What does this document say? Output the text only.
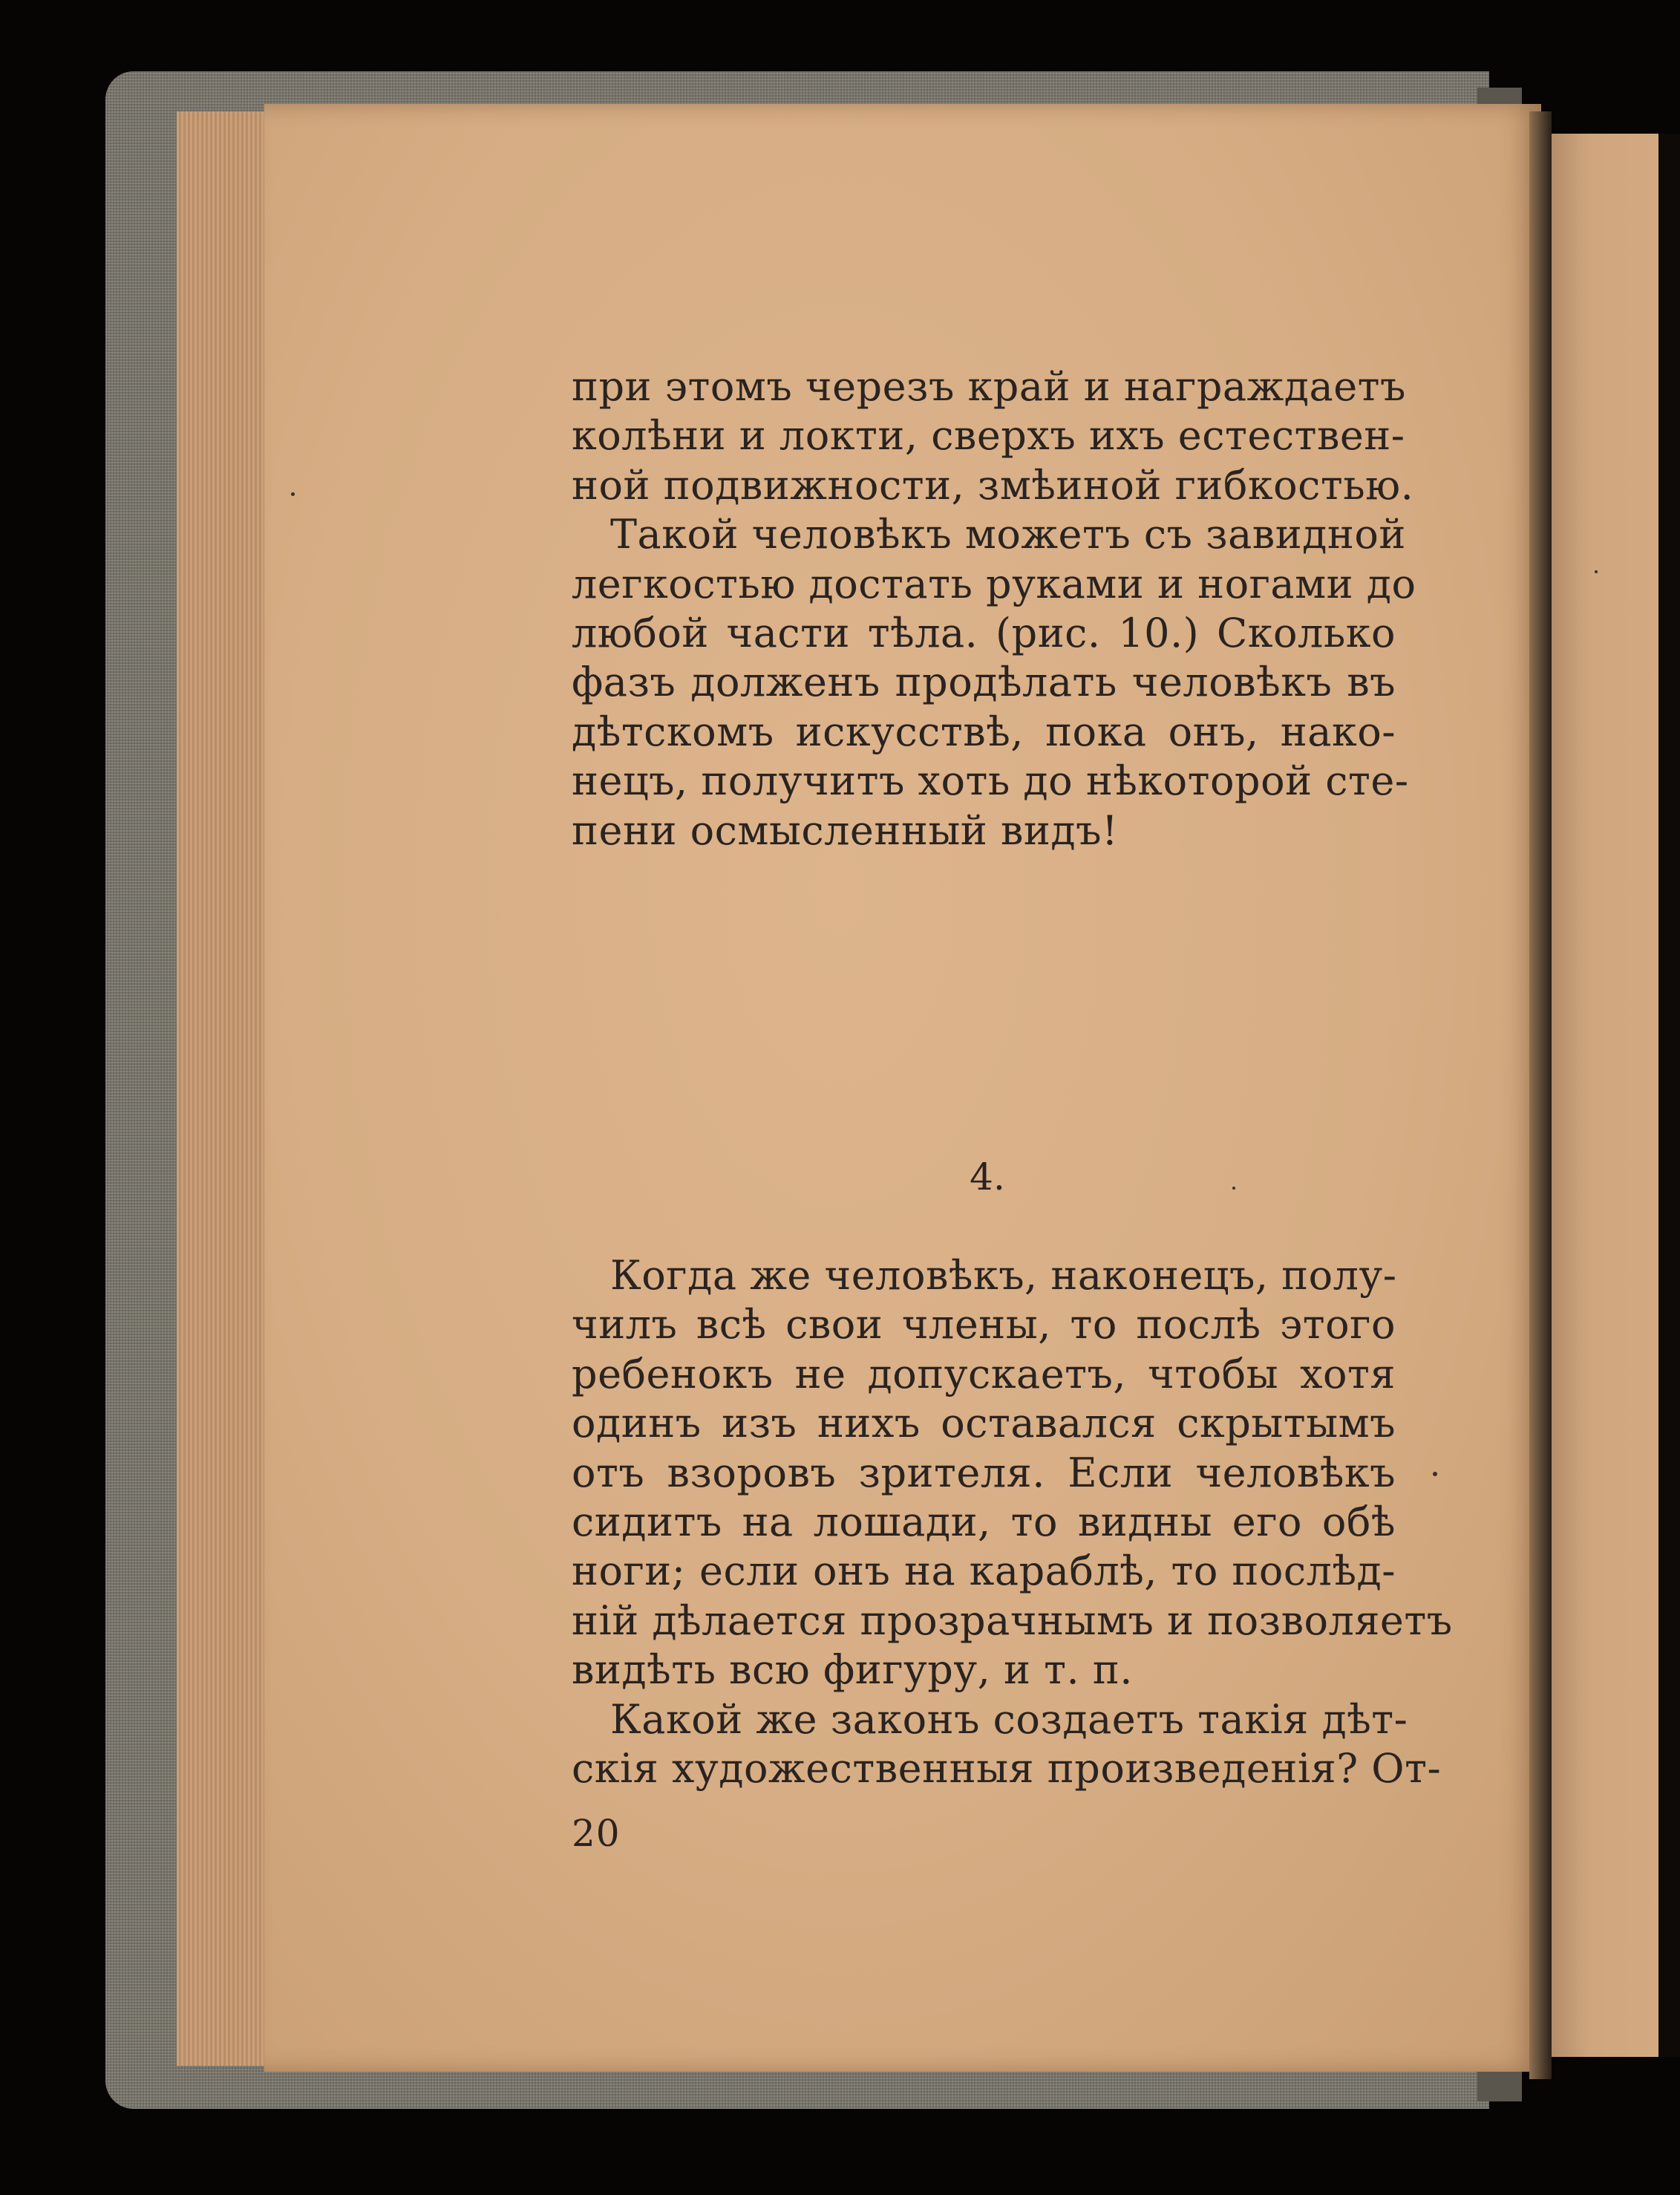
при этомъ черезъ край и награждаетъ
колѣни и локти, сверхъ ихъ естествен-
ной подвижности, змѣиной гибкостью.
Такой человѣкъ можетъ съ завидной
легкостью достать руками и ногами до
любой части тѣла. (рис. 10.) Сколько
фазъ долженъ продѣлать человѣкъ въ
дѣтскомъ искусствѣ, пока онъ, нако-
нецъ, получитъ хоть до нѣкоторой сте-
пени осмысленный видъ!
4.
Когда же человѣкъ, наконецъ, полу-
чилъ всѣ свои члены, то послѣ этого
ребенокъ не допускаетъ, чтобы хотя
одинъ изъ нихъ оставался скрытымъ
отъ взоровъ зрителя. Если человѣкъ
сидитъ на лошади, то видны его обѣ
ноги; если онъ на караблѣ, то послѣд-
нiй дѣлается прозрачнымъ и позволяетъ
видѣть всю фигуру, и т. п.
Какой же законъ создаетъ такiя дѣт-
скiя художественныя произведенiя? От-
20
